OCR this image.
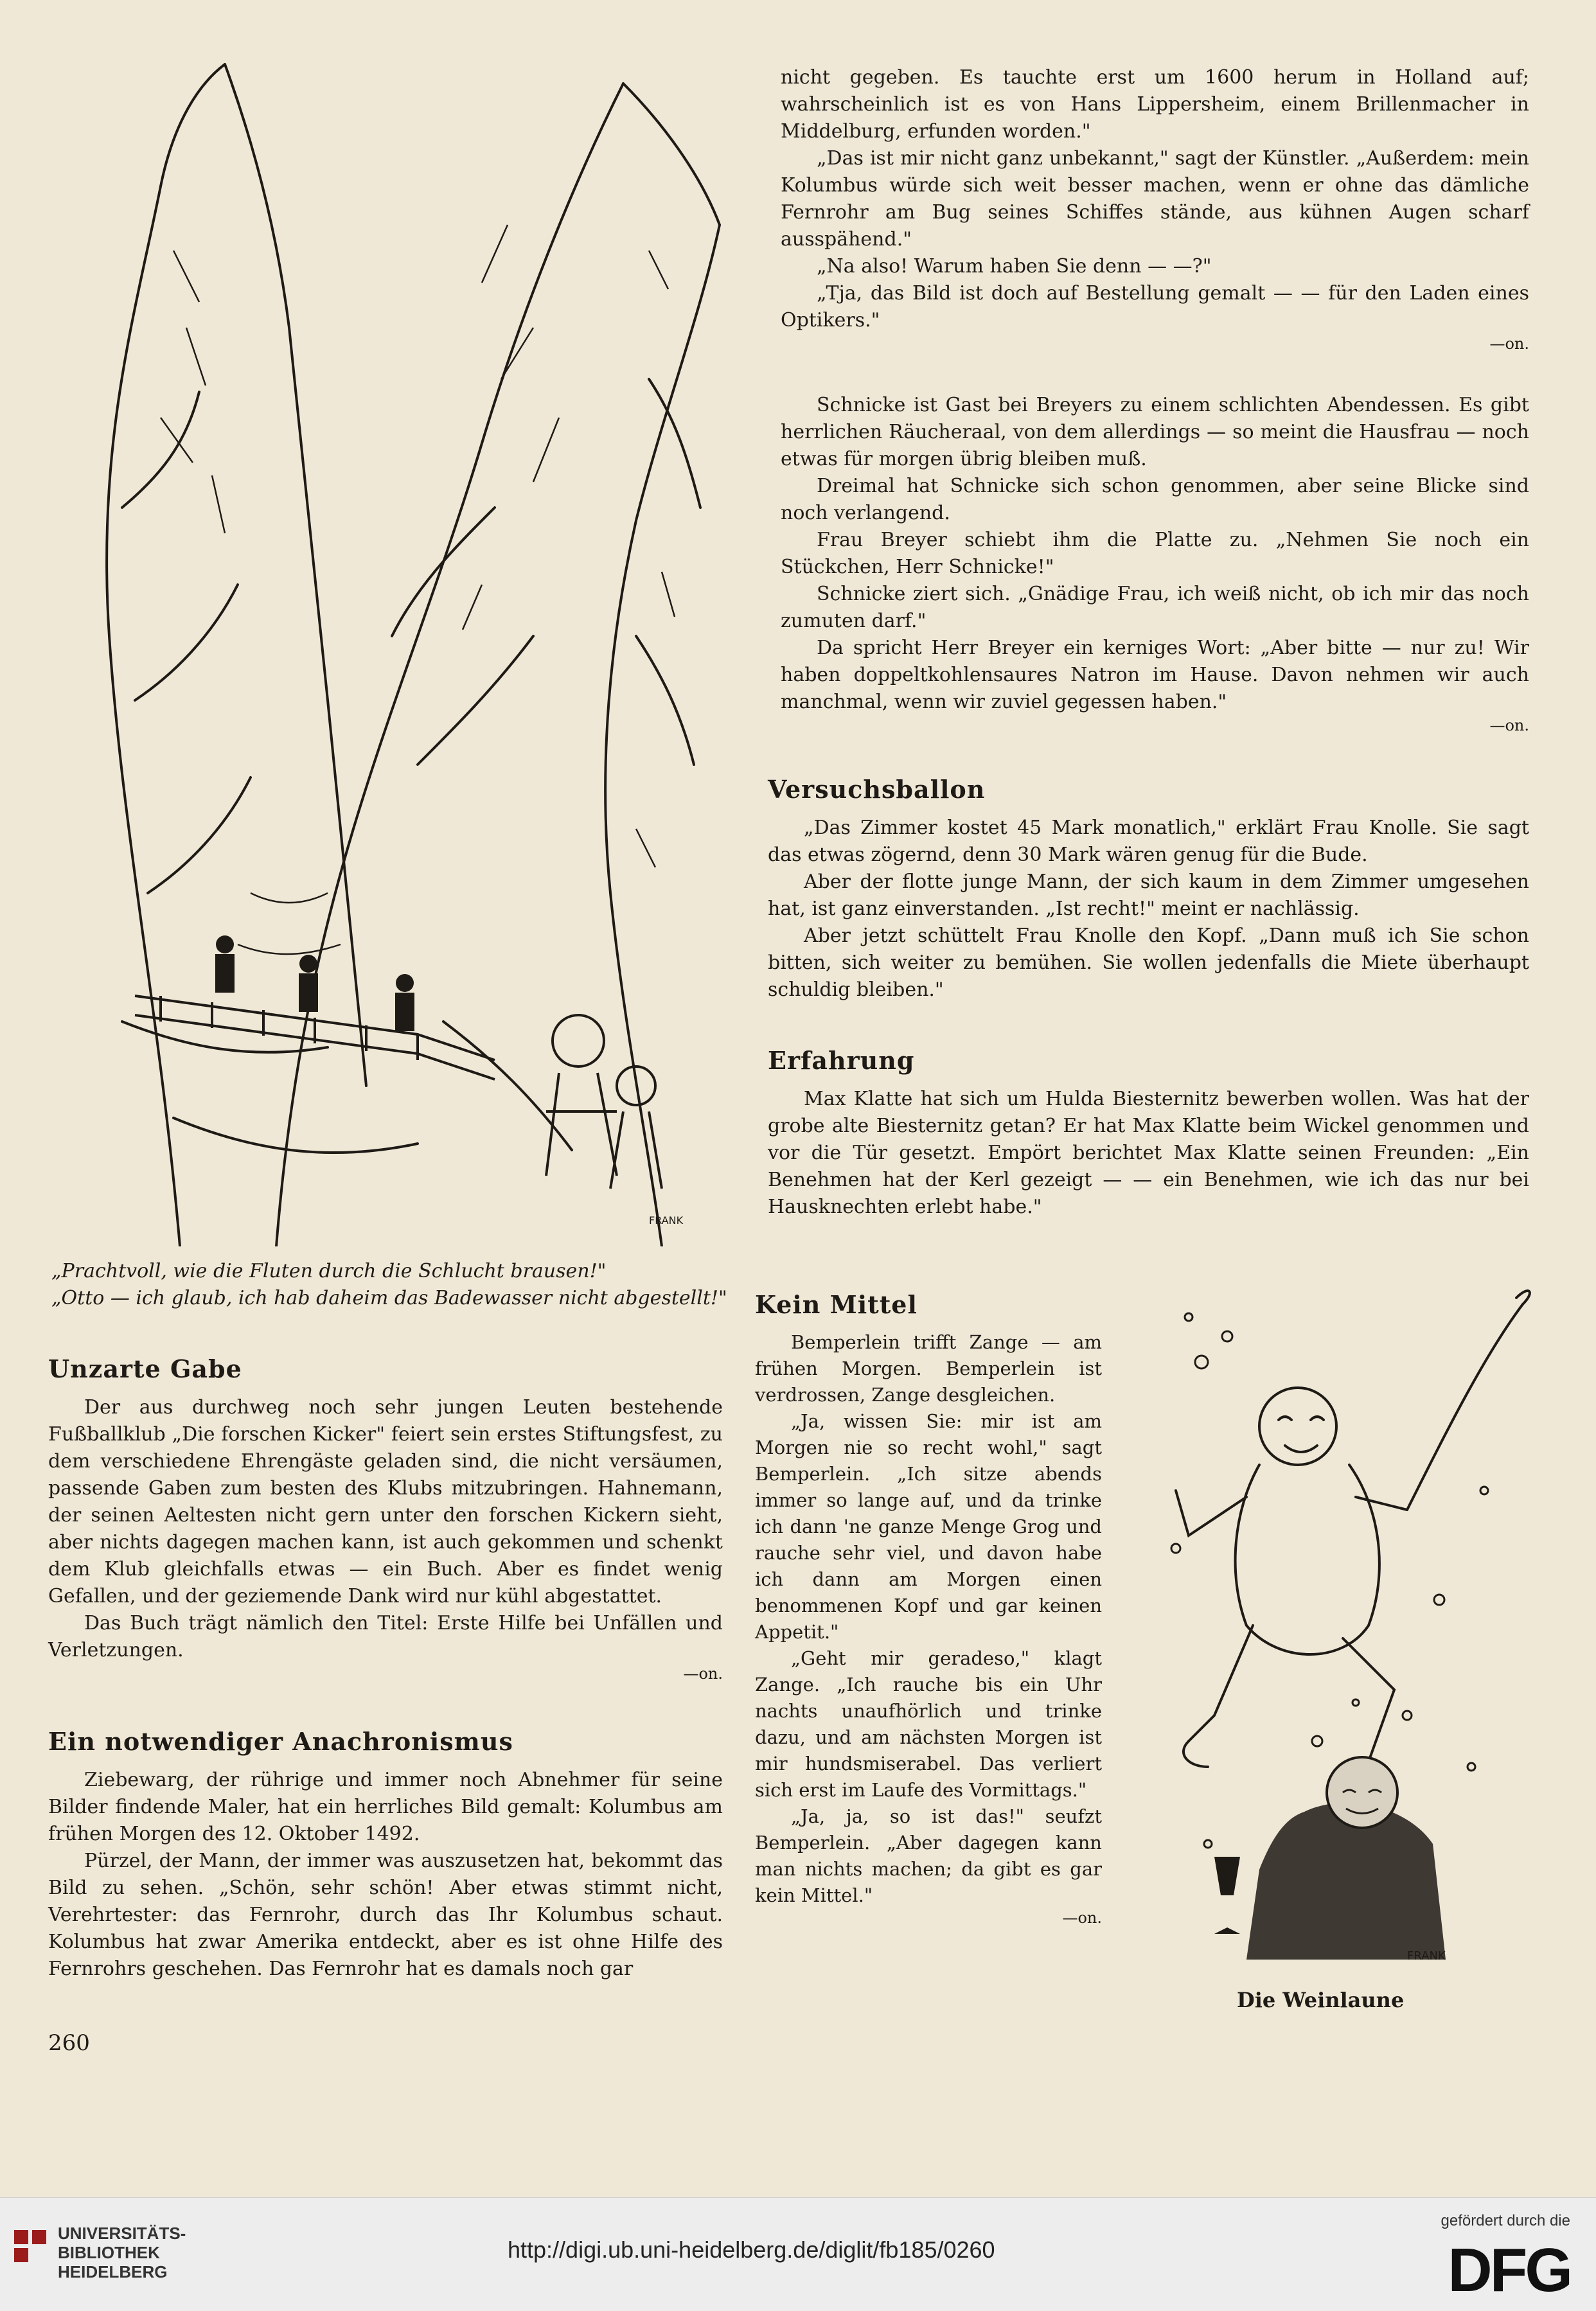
FRANK
„Prachtvoll, wie die Fluten durch die Schlucht brausen!"
„Otto — ich glaub, ich hab daheim das Badewasser nicht abgestellt!"

nicht gegeben. Es tauchte erst um 1600 herum in Holland auf; wahrscheinlich ist es von Hans Lippersheim, einem Brillenmacher in Middelburg, erfunden worden."

„Das ist mir nicht ganz unbekannt," sagt der Künstler. „Außerdem: mein Kolumbus würde sich weit besser machen, wenn er ohne das dämliche Fernrohr am Bug seines Schiffes stände, aus kühnen Augen scharf ausspähend."

„Na also! Warum haben Sie denn — —?"

„Tja, das Bild ist doch auf Bestellung gemalt — — für den Laden eines Optikers."

—on.

Schnicke ist Gast bei Breyers zu einem schlichten Abendessen. Es gibt herrlichen Räucheraal, von dem allerdings — so meint die Hausfrau — noch etwas für morgen übrig bleiben muß.

Dreimal hat Schnicke sich schon genommen, aber seine Blicke sind noch verlangend.

Frau Breyer schiebt ihm die Platte zu. „Nehmen Sie noch ein Stückchen, Herr Schnicke!"

Schnicke ziert sich. „Gnädige Frau, ich weiß nicht, ob ich mir das noch zumuten darf."

Da spricht Herr Breyer ein kerniges Wort: „Aber bitte — nur zu! Wir haben doppeltkohlensaures Natron im Hause. Davon nehmen wir auch manchmal, wenn wir zuviel gegessen haben."

—on.
Versuchsballon

„Das Zimmer kostet 45 Mark monatlich," erklärt Frau Knolle. Sie sagt das etwas zögernd, denn 30 Mark wären genug für die Bude.

Aber der flotte junge Mann, der sich kaum in dem Zimmer umgesehen hat, ist ganz einverstanden. „Ist recht!" meint er nachlässig.

Aber jetzt schüttelt Frau Knolle den Kopf. „Dann muß ich Sie schon bitten, sich weiter zu bemühen. Sie wollen jedenfalls die Miete überhaupt schuldig bleiben."

Erfahrung

Max Klatte hat sich um Hulda Biesternitz bewerben wollen. Was hat der grobe alte Biesternitz getan? Er hat Max Klatte beim Wickel genommen und vor die Tür gesetzt. Empört berichtet Max Klatte seinen Freunden: „Ein Benehmen hat der Kerl gezeigt — — ein Benehmen, wie ich das nur bei Hausknechten erlebt habe."

Unzarte Gabe

Der aus durchweg noch sehr jungen Leuten bestehende Fußballklub „Die forschen Kicker" feiert sein erstes Stiftungsfest, zu dem verschiedene Ehrengäste geladen sind, die nicht versäumen, passende Gaben zum besten des Klubs mitzubringen. Hahnemann, der seinen Aeltesten nicht gern unter den forschen Kickern sieht, aber nichts dagegen machen kann, ist auch gekommen und schenkt dem Klub gleichfalls etwas — ein Buch. Aber es findet wenig Gefallen, und der geziemende Dank wird nur kühl abgestattet.

Das Buch trägt nämlich den Titel: Erste Hilfe bei Unfällen und Verletzungen.

—on.
Ein notwendiger Anachronismus

Ziebewarg, der rührige und immer noch Abnehmer für seine Bilder findende Maler, hat ein herrliches Bild gemalt: Kolumbus am frühen Morgen des 12. Oktober 1492.

Pürzel, der Mann, der immer was auszusetzen hat, bekommt das Bild zu sehen. „Schön, sehr schön! Aber etwas stimmt nicht, Verehrtester: das Fernrohr, durch das Ihr Kolumbus schaut. Kolumbus hat zwar Amerika entdeckt, aber es ist ohne Hilfe des Fernrohrs geschehen. Das Fernrohr hat es damals noch gar

260
Kein Mittel

Bemperlein trifft Zange — am frühen Morgen. Bemperlein ist verdrossen, Zange desgleichen.

„Ja, wissen Sie: mir ist am Morgen nie so recht wohl," sagt Bemperlein. „Ich sitze abends immer so lange auf, und da trinke ich dann 'ne ganze Menge Grog und rauche sehr viel, und davon habe ich dann am Morgen einen benommenen Kopf und gar keinen Appetit."

„Geht mir geradeso," klagt Zange. „Ich rauche bis ein Uhr nachts unaufhörlich und trinke dazu, und am nächsten Morgen ist mir hundsmiserabel. Das verliert sich erst im Laufe des Vormittags."

„Ja, ja, so ist das!" seufzt Bemperlein. „Aber dagegen kann man nichts machen; da gibt es gar kein Mittel."

—on.
FRANK
Die Weinlaune
UNIVERSITÄTS-
BIBLIOTHEK
HEIDELBERG
http://digi.ub.uni-heidelberg.de/diglit/fb185/0260
gefördert durch die
DFG
